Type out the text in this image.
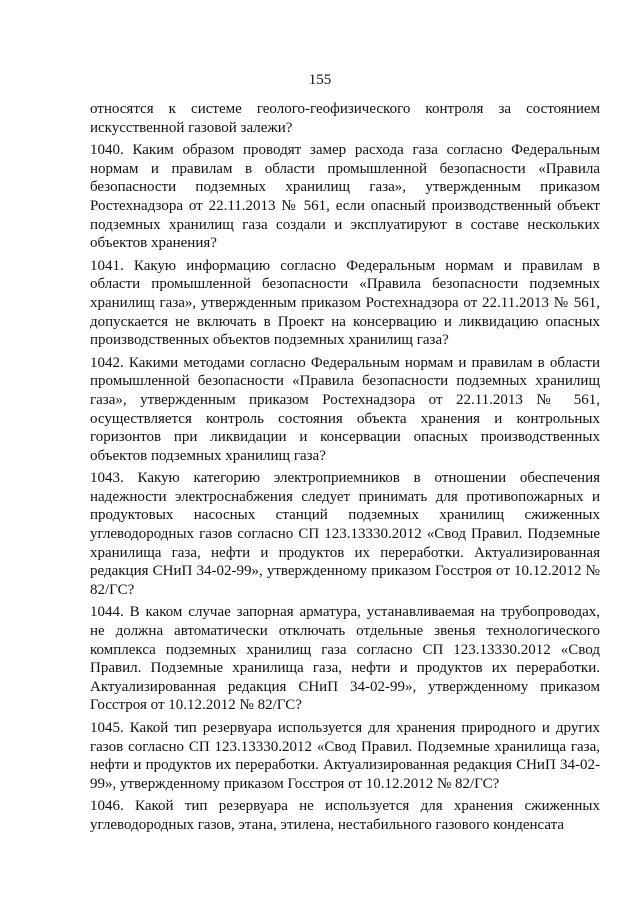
155

относятся к системе геолого-геофизического контроля за состоянием искусственной газовой залежи?

1040. Каким образом проводят замер расхода газа согласно Федеральным нормам и правилам в области промышленной безопасности «Правила безопасности подземных хранилищ газа», утвержденным приказом Ростехнадзора от 22.11.2013 № 561, если опасный производственный объект подземных хранилищ газа создали и эксплуатируют в составе нескольких объектов хранения?

1041. Какую информацию согласно Федеральным нормам и правилам в области промышленной безопасности «Правила безопасности подземных хранилищ газа», утвержденным приказом Ростехнадзора от 22.11.2013 № 561, допускается не включать в Проект на консервацию и ликвидацию опасных производственных объектов подземных хранилищ газа?

1042. Какими методами согласно Федеральным нормам и правилам в области промышленной безопасности «Правила безопасности подземных хранилищ газа», утвержденным приказом Ростехнадзора от 22.11.2013 № 561, осуществляется контроль состояния объекта хранения и контрольных горизонтов при ликвидации и консервации опасных производственных объектов подземных хранилищ газа?

1043. Какую категорию электроприемников в отношении обеспечения надежности электроснабжения следует принимать для противопожарных и продуктовых насосных станций подземных хранилищ сжиженных углеводородных газов согласно СП 123.13330.2012 «Свод Правил. Подземные хранилища газа, нефти и продуктов их переработки. Актуализированная редакция СНиП 34-02-99», утвержденному приказом Госстроя от 10.12.2012 № 82/ГС?

1044. В каком случае запорная арматура, устанавливаемая на трубопроводах, не должна автоматически отключать отдельные звенья технологического комплекса подземных хранилищ газа согласно СП 123.13330.2012 «Свод Правил. Подземные хранилища газа, нефти и продуктов их переработки. Актуализированная редакция СНиП 34-02-99», утвержденному приказом Госстроя от 10.12.2012 № 82/ГС?

1045. Какой тип резервуара используется для хранения природного и других газов согласно СП 123.13330.2012 «Свод Правил. Подземные хранилища газа, нефти и продуктов их переработки. Актуализированная редакция СНиП 34-02-99», утвержденному приказом Госстроя от 10.12.2012 № 82/ГС?

1046. Какой тип резервуара не используется для хранения сжиженных углеводородных газов, этана, этилена, нестабильного газового конденсата
